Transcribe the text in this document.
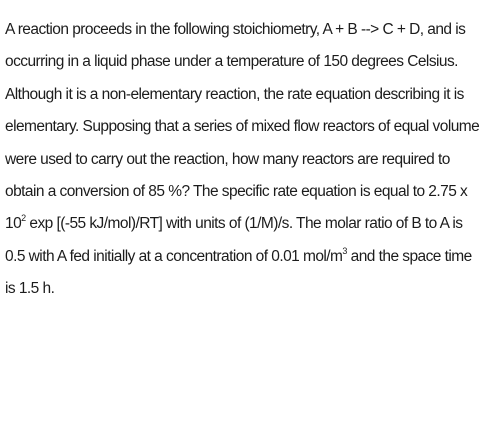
A reaction proceeds in the following stoichiometry, A + B --> C + D, and is occurring in a liquid phase under a temperature of 150 degrees Celsius. Although it is a non-elementary reaction, the rate equation describing it is elementary. Supposing that a series of mixed flow reactors of equal volume were used to carry out the reaction, how many reactors are required to obtain a conversion of 85 %? The specific rate equation is equal to 2.75 x $10^2$ exp [(-55 kJ/mol)/RT] with units of (1/M)/s. The molar ratio of B to A is 0.5 with A fed initially at a concentration of 0.01 mol/$m^3$ and the space time is 1.5 h.
